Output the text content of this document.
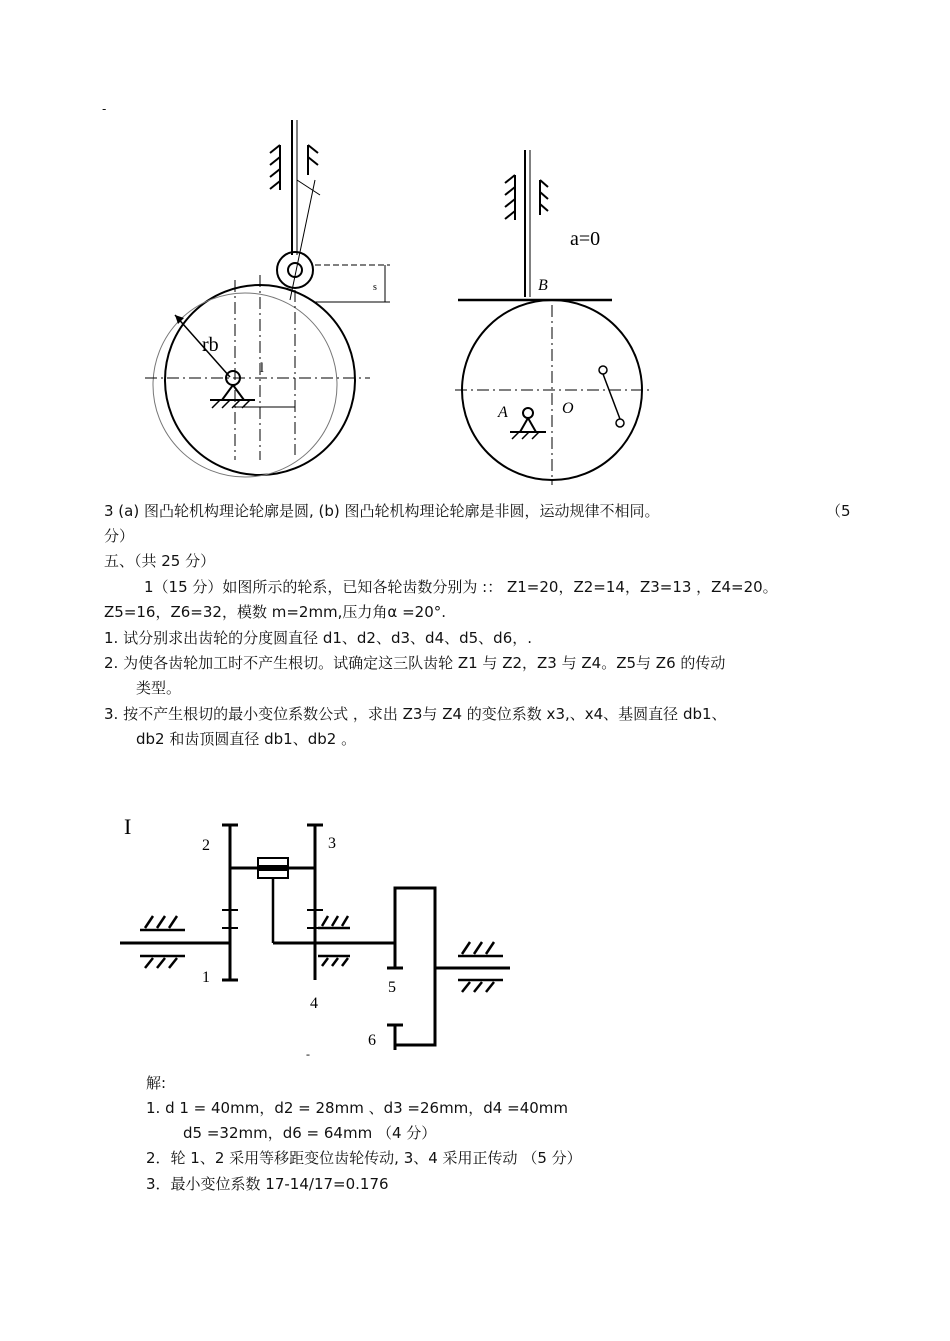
-
s
rb
l
a=0
B
A	O
3 (a) 图凸轮机构理论轮廓是圆, (b) 图凸轮机构理论轮廓是非圆，运动规律不相同。	（5
分）
五、（共 25 分）
1（15 分）如图所示的轮系，已知各轮齿数分别为 :： Z1=20，Z2=14，Z3=13 ，Z4=20。
Z5=16，Z6=32，模数 m=2mm,压力角α =20°.
1. 试分别求出齿轮的分度圆直径 d1、d2、d3、d4、d5、d6，.
2. 为使各齿轮加工时不产生根切。试确定这三队齿轮 Z1 与 Z2，Z3 与 Z4。Z5与 Z6 的传动
类型。
3. 按不产生根切的最小变位系数公式 ，求出 Z3与 Z4 的变位系数 x3,、x4、基圆直径 db1、
db2 和齿顶圆直径 db1、db2 。
I
2
1
3
4
5
6
-
解:
1. d 1 = 40mm，d2 = 28mm 、d3 =26mm，d4 =40mm
d5 =32mm，d6 = 64mm （4 分）
2．轮 1、2 采用等移距变位齿轮传动, 3、4 采用正传动 （5 分）
3．最小变位系数 17-14/17=0.176
